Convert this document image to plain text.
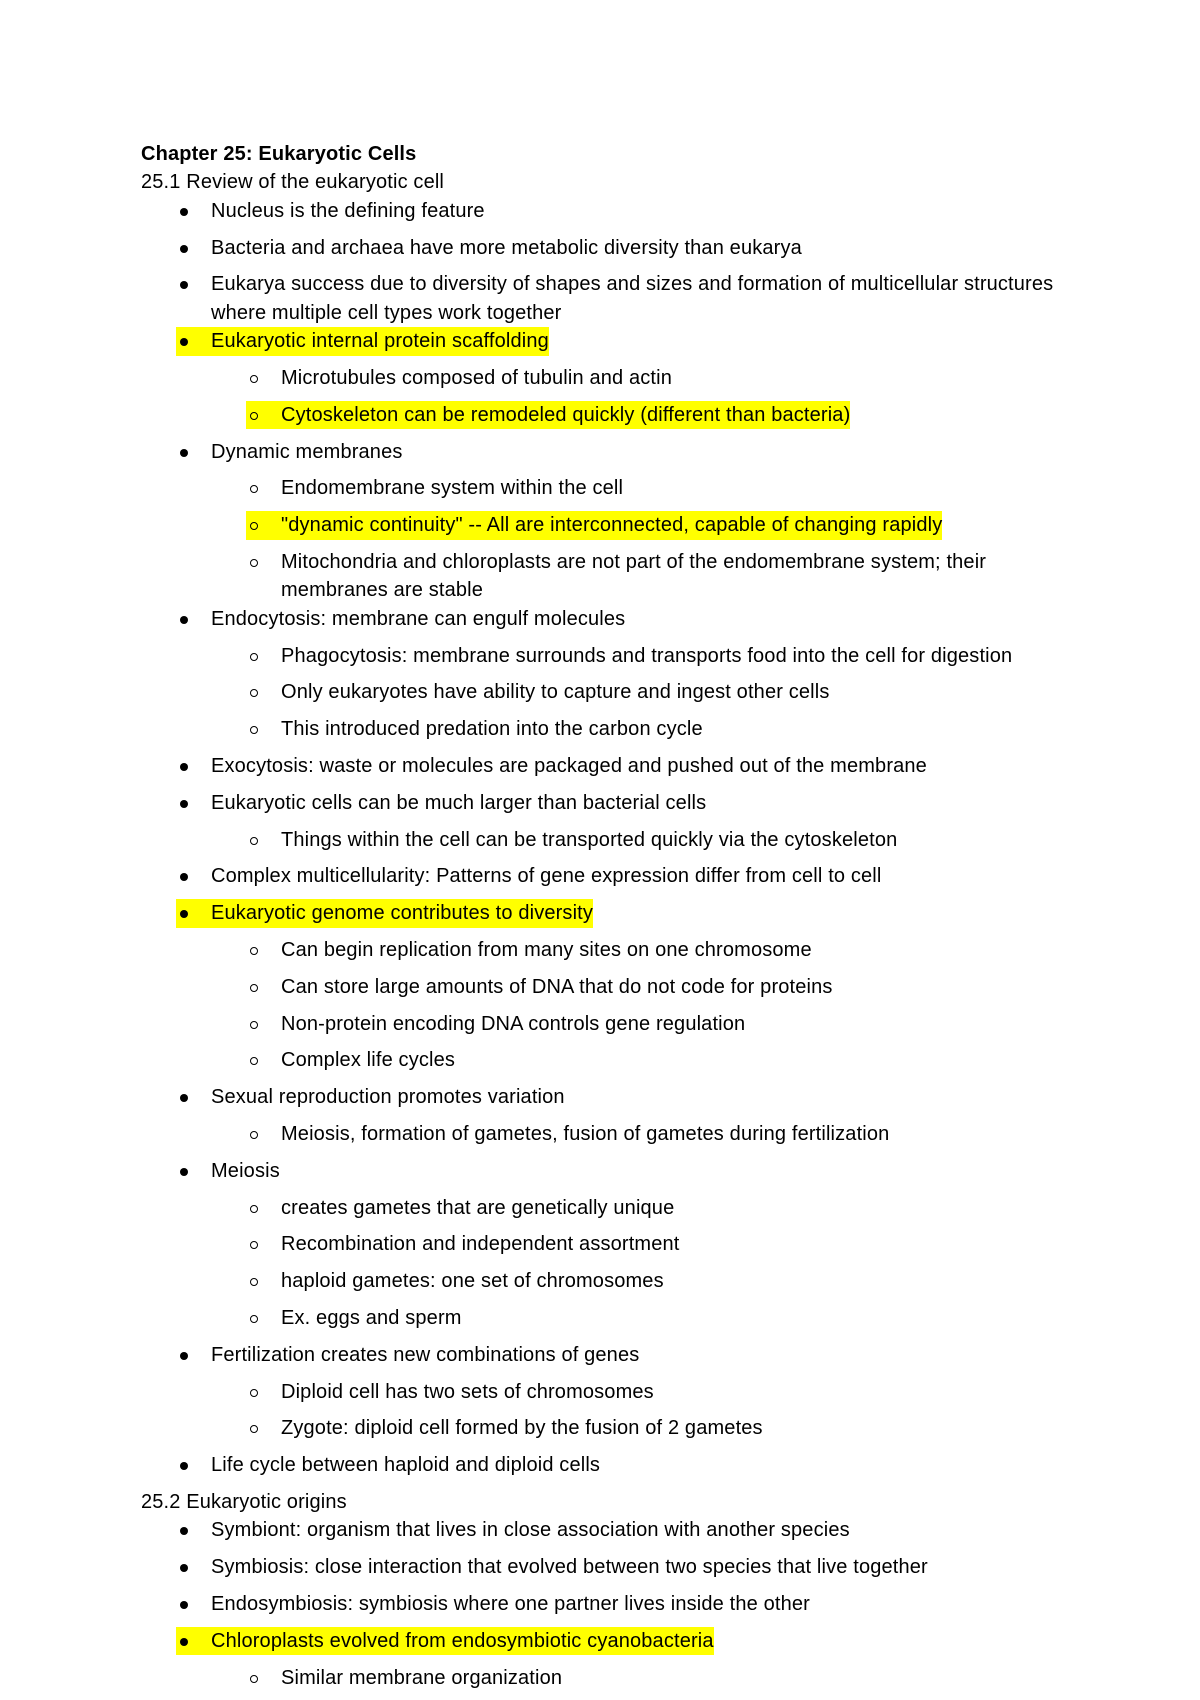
Chapter 25: Eukaryotic Cells
25.1 Review of the eukaryotic cell
Nucleus is the defining feature
Bacteria and archaea have more metabolic diversity than eukarya
Eukarya success due to diversity of shapes and sizes and formation of multicellular structures where multiple cell types work together
Eukaryotic internal protein scaffolding
Microtubules composed of tubulin and actin
Cytoskeleton can be remodeled quickly (different than bacteria)
Dynamic membranes
Endomembrane system within the cell
"dynamic continuity" -- All are interconnected, capable of changing rapidly
Mitochondria and chloroplasts are not part of the endomembrane system; their membranes are stable
Endocytosis: membrane can engulf molecules
Phagocytosis: membrane surrounds and transports food into the cell for digestion
Only eukaryotes have ability to capture and ingest other cells
This introduced predation into the carbon cycle
Exocytosis: waste or molecules are packaged and pushed out of the membrane
Eukaryotic cells can be much larger than bacterial cells
Things within the cell can be transported quickly via the cytoskeleton
Complex multicellularity: Patterns of gene expression differ from cell to cell
Eukaryotic genome contributes to diversity
Can begin replication from many sites on one chromosome
Can store large amounts of DNA that do not code for proteins
Non-protein encoding DNA controls gene regulation
Complex life cycles
Sexual reproduction promotes variation
Meiosis, formation of gametes, fusion of gametes during fertilization
Meiosis
creates gametes that are genetically unique
Recombination and independent assortment
haploid gametes: one set of chromosomes
Ex. eggs and sperm
Fertilization creates new combinations of genes
Diploid cell has two sets of chromosomes
Zygote: diploid cell formed by the fusion of 2 gametes
Life cycle between haploid and diploid cells
25.2 Eukaryotic origins
Symbiont: organism that lives in close association with another species
Symbiosis: close interaction that evolved between two species that live together
Endosymbiosis: symbiosis where one partner lives inside the other
Chloroplasts evolved from endosymbiotic cyanobacteria
Similar membrane organization
